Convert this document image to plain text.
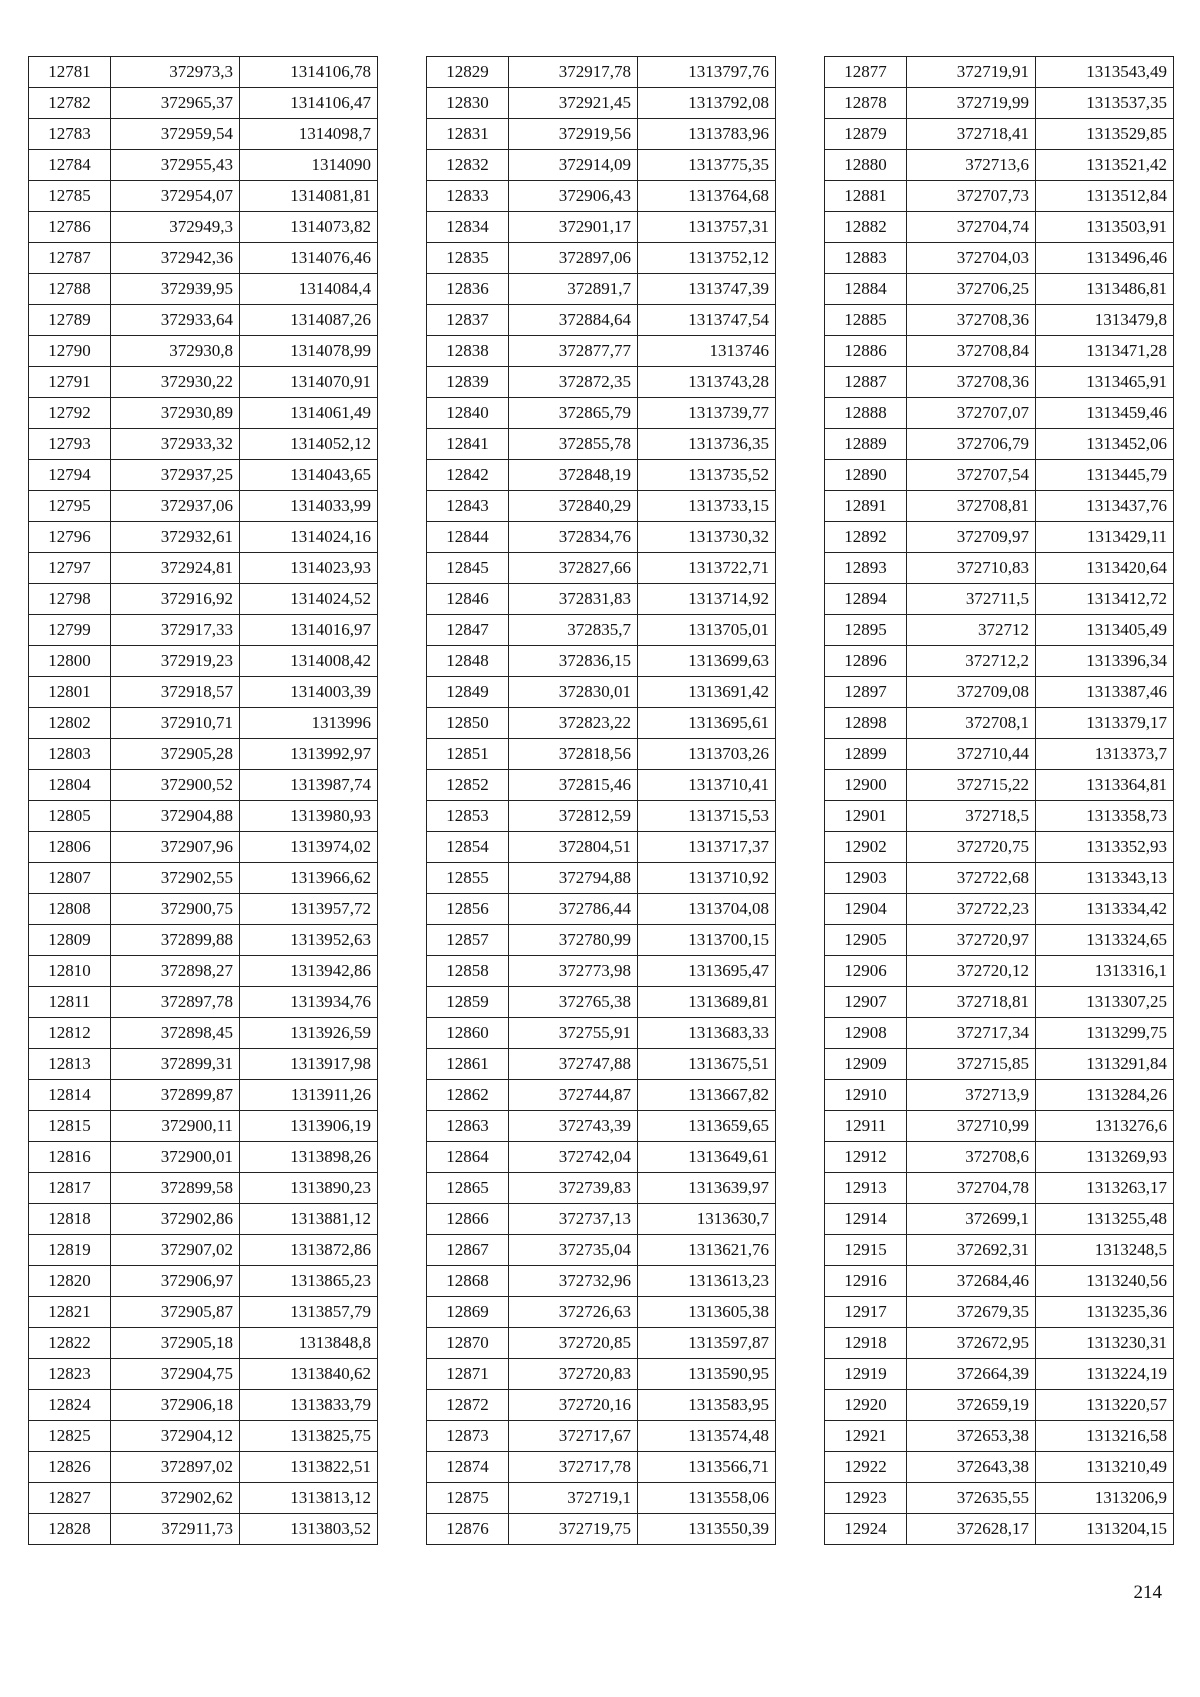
12781	372973,3	1314106,78
12782	372965,37	1314106,47
12783	372959,54	1314098,7
12784	372955,43	1314090
12785	372954,07	1314081,81
12786	372949,3	1314073,82
12787	372942,36	1314076,46
12788	372939,95	1314084,4
12789	372933,64	1314087,26
12790	372930,8	1314078,99
12791	372930,22	1314070,91
12792	372930,89	1314061,49
12793	372933,32	1314052,12
12794	372937,25	1314043,65
12795	372937,06	1314033,99
12796	372932,61	1314024,16
12797	372924,81	1314023,93
12798	372916,92	1314024,52
12799	372917,33	1314016,97
12800	372919,23	1314008,42
12801	372918,57	1314003,39
12802	372910,71	1313996
12803	372905,28	1313992,97
12804	372900,52	1313987,74
12805	372904,88	1313980,93
12806	372907,96	1313974,02
12807	372902,55	1313966,62
12808	372900,75	1313957,72
12809	372899,88	1313952,63
12810	372898,27	1313942,86
12811	372897,78	1313934,76
12812	372898,45	1313926,59
12813	372899,31	1313917,98
12814	372899,87	1313911,26
12815	372900,11	1313906,19
12816	372900,01	1313898,26
12817	372899,58	1313890,23
12818	372902,86	1313881,12
12819	372907,02	1313872,86
12820	372906,97	1313865,23
12821	372905,87	1313857,79
12822	372905,18	1313848,8
12823	372904,75	1313840,62
12824	372906,18	1313833,79
12825	372904,12	1313825,75
12826	372897,02	1313822,51
12827	372902,62	1313813,12
12828	372911,73	1313803,52
12829	372917,78	1313797,76
12830	372921,45	1313792,08
12831	372919,56	1313783,96
12832	372914,09	1313775,35
12833	372906,43	1313764,68
12834	372901,17	1313757,31
12835	372897,06	1313752,12
12836	372891,7	1313747,39
12837	372884,64	1313747,54
12838	372877,77	1313746
12839	372872,35	1313743,28
12840	372865,79	1313739,77
12841	372855,78	1313736,35
12842	372848,19	1313735,52
12843	372840,29	1313733,15
12844	372834,76	1313730,32
12845	372827,66	1313722,71
12846	372831,83	1313714,92
12847	372835,7	1313705,01
12848	372836,15	1313699,63
12849	372830,01	1313691,42
12850	372823,22	1313695,61
12851	372818,56	1313703,26
12852	372815,46	1313710,41
12853	372812,59	1313715,53
12854	372804,51	1313717,37
12855	372794,88	1313710,92
12856	372786,44	1313704,08
12857	372780,99	1313700,15
12858	372773,98	1313695,47
12859	372765,38	1313689,81
12860	372755,91	1313683,33
12861	372747,88	1313675,51
12862	372744,87	1313667,82
12863	372743,39	1313659,65
12864	372742,04	1313649,61
12865	372739,83	1313639,97
12866	372737,13	1313630,7
12867	372735,04	1313621,76
12868	372732,96	1313613,23
12869	372726,63	1313605,38
12870	372720,85	1313597,87
12871	372720,83	1313590,95
12872	372720,16	1313583,95
12873	372717,67	1313574,48
12874	372717,78	1313566,71
12875	372719,1	1313558,06
12876	372719,75	1313550,39
12877	372719,91	1313543,49
12878	372719,99	1313537,35
12879	372718,41	1313529,85
12880	372713,6	1313521,42
12881	372707,73	1313512,84
12882	372704,74	1313503,91
12883	372704,03	1313496,46
12884	372706,25	1313486,81
12885	372708,36	1313479,8
12886	372708,84	1313471,28
12887	372708,36	1313465,91
12888	372707,07	1313459,46
12889	372706,79	1313452,06
12890	372707,54	1313445,79
12891	372708,81	1313437,76
12892	372709,97	1313429,11
12893	372710,83	1313420,64
12894	372711,5	1313412,72
12895	372712	1313405,49
12896	372712,2	1313396,34
12897	372709,08	1313387,46
12898	372708,1	1313379,17
12899	372710,44	1313373,7
12900	372715,22	1313364,81
12901	372718,5	1313358,73
12902	372720,75	1313352,93
12903	372722,68	1313343,13
12904	372722,23	1313334,42
12905	372720,97	1313324,65
12906	372720,12	1313316,1
12907	372718,81	1313307,25
12908	372717,34	1313299,75
12909	372715,85	1313291,84
12910	372713,9	1313284,26
12911	372710,99	1313276,6
12912	372708,6	1313269,93
12913	372704,78	1313263,17
12914	372699,1	1313255,48
12915	372692,31	1313248,5
12916	372684,46	1313240,56
12917	372679,35	1313235,36
12918	372672,95	1313230,31
12919	372664,39	1313224,19
12920	372659,19	1313220,57
12921	372653,38	1313216,58
12922	372643,38	1313210,49
12923	372635,55	1313206,9
12924	372628,17	1313204,15
214
